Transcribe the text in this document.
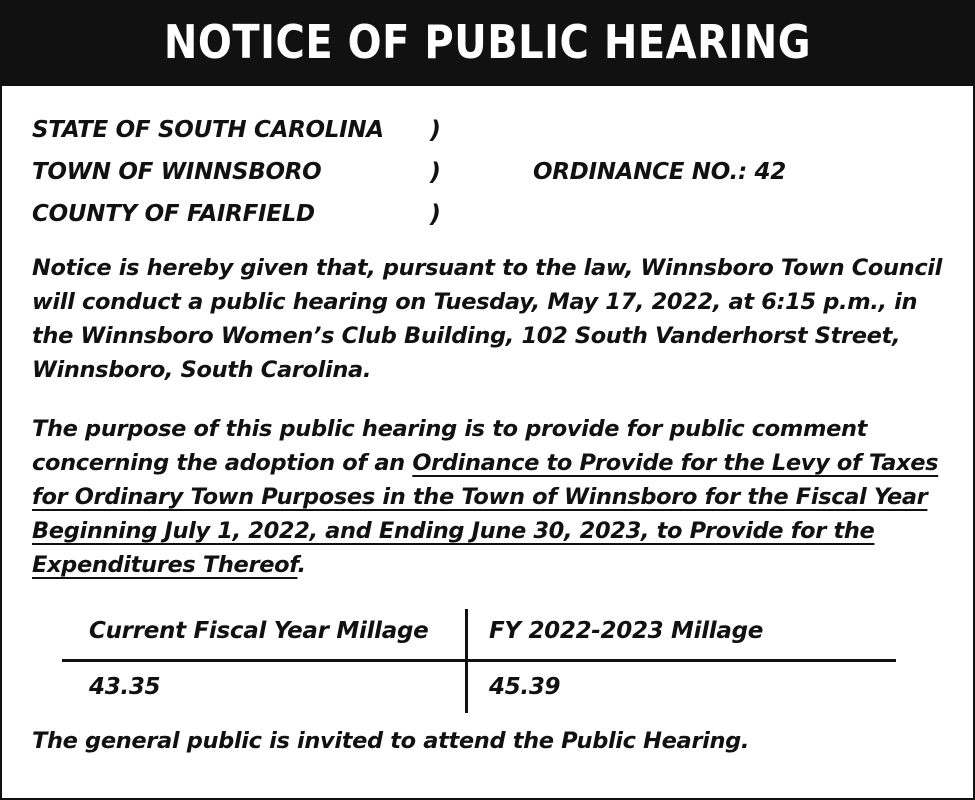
NOTICE OF PUBLIC HEARING
STATE OF SOUTH CAROLINA
TOWN OF WINNSBORO
COUNTY OF FAIRFIELD
)
)
)
ORDINANCE NO.: 42

Notice is hereby given that, pursuant to the law, Winnsboro Town Council will conduct a public hearing on Tuesday, May 17, 2022, at 6:15 p.m., in the Winnsboro Women’s Club Building, 102 South Vanderhorst Street, Winnsboro, South Carolina.

The purpose of this public hearing is to provide for public comment concerning the adoption of an Ordinance to Provide for the Levy of Taxes for Ordinary Town Purposes in the Town of Winnsboro for the Fiscal Year Beginning July 1, 2022, and Ending June 30, 2023, to Provide for the Expenditures Thereof.

Current Fiscal Year Millage	FY 2022-2023 Millage
43.35	45.39
The general public is invited to attend the Public Hearing.
